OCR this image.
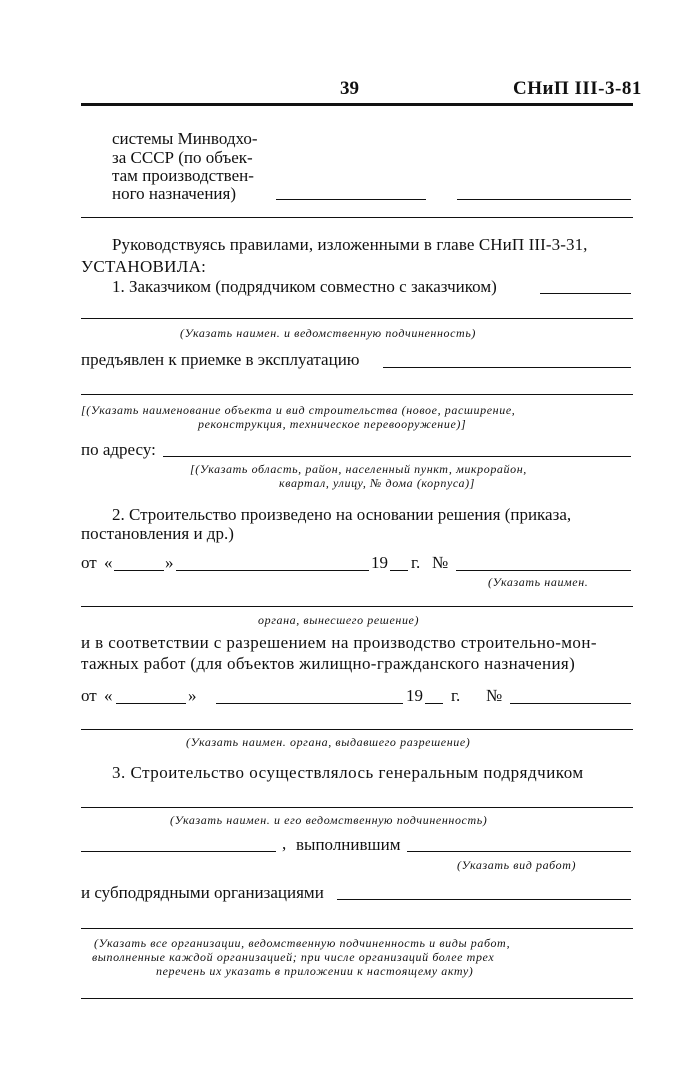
39	СНиП III-3-81
системы Минводхо-
за СССР (по объек-
там производствен-
ного назначения)
Руководствуясь правилами, изложенными в главе СНиП III-3-31,
УСТАНОВИЛА:
1. Заказчиком (подрядчиком совместно с заказчиком)
(Указать наимен. и ведомственную подчиненность)
предъявлен к приемке в эксплуатацию
[(Указать наименование объекта и вид строительства (новое, расширение,
реконструкция, техническое перевооружение)]
по адресу:
[(Указать область, район, населенный пункт, микрорайон,
квартал, улицу, № дома (корпуса)]
2. Строительство произведено на основании решения (приказа,
постановления и др.)
от «	»	19 г. №
(Указать наимен.
органа, вынесшего решение)
и в соответствии с разрешением на производство строительно-мон-
тажных работ (для объектов жилищно-гражданского назначения)
от «	»	19 г. №
(Указать наимен. органа, выдавшего разрешение)
3. Строительство осуществлялось генеральным подрядчиком
(Указать наимен. и его ведомственную подчиненность)
, выполнившим
(Указать вид работ)
и субподрядными организациями
(Указать все организации, ведомственную подчиненность и виды работ,
выполненные каждой организацией; при числе организаций более трех
перечень их указать в приложении к настоящему акту)
